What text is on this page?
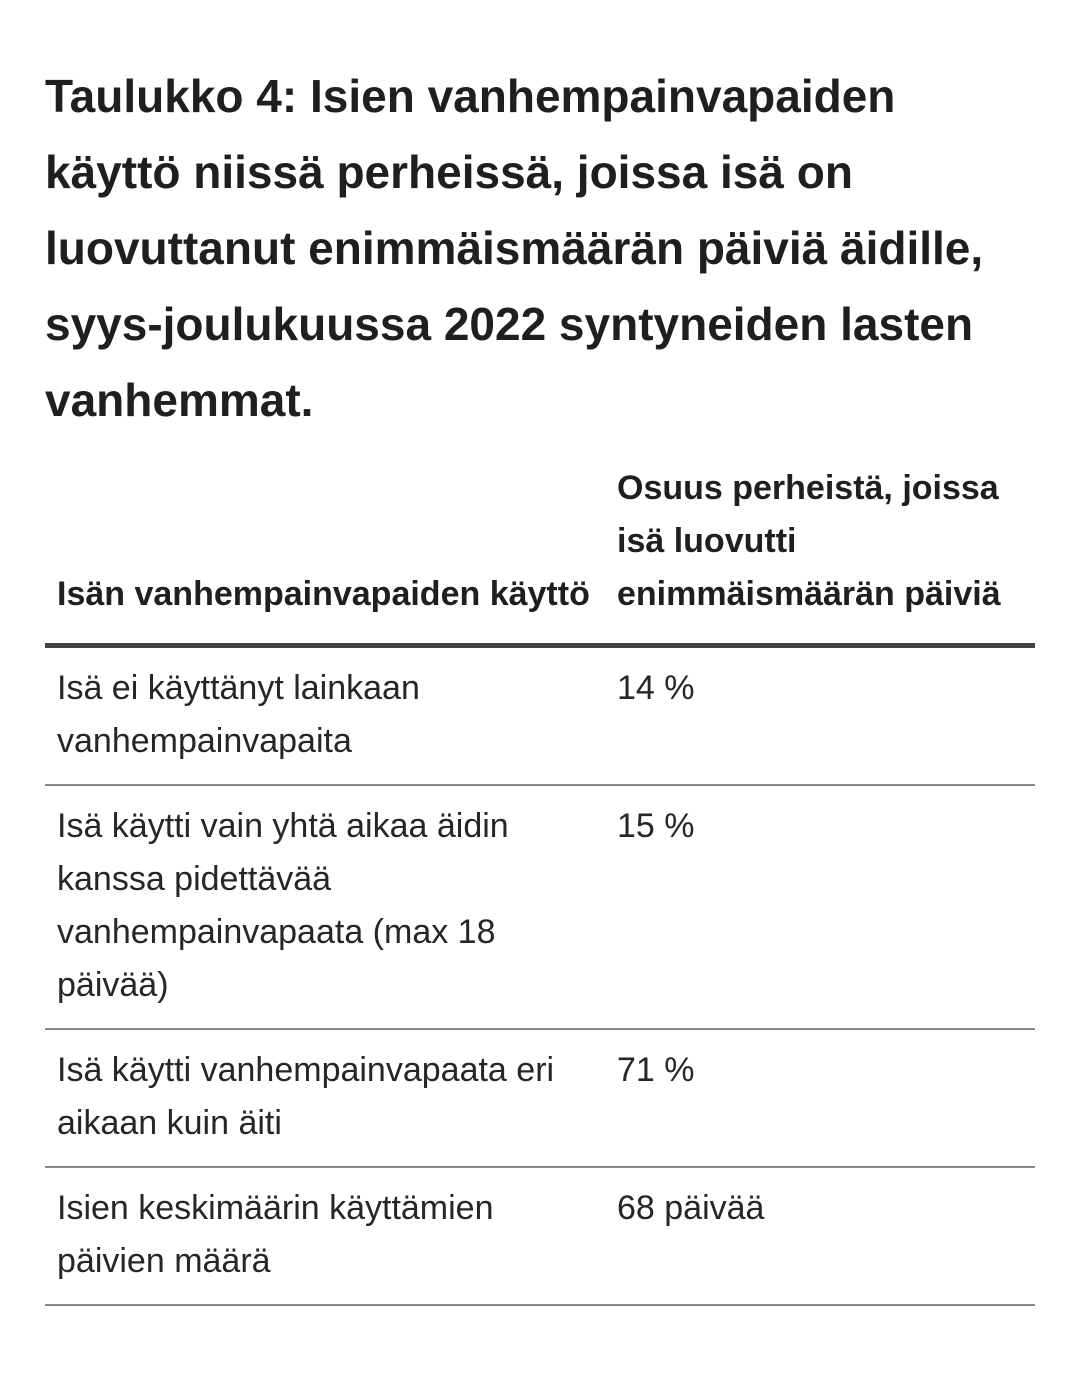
Taulukko 4: Isien vanhempainvapaiden käyttö niissä perheissä, joissa isä on luovuttanut enimmäismäärän päiviä äidille, syys-joulukuussa 2022 syntyneiden lasten vanhemmat.
Isän vanhempainvapaiden käyttö	Osuus perheistä, joissa isä luovutti enimmäismäärän päiviä
Isä ei käyttänyt lainkaan vanhempainvapaita	14 %
Isä käytti vain yhtä aikaa äidin kanssa pidettävää vanhempainvapaata (max 18 päivää)	15 %
Isä käytti vanhempainvapaata eri aikaan kuin äiti	71 %
Isien keskimäärin käyttämien päivien määrä	68 päivää
